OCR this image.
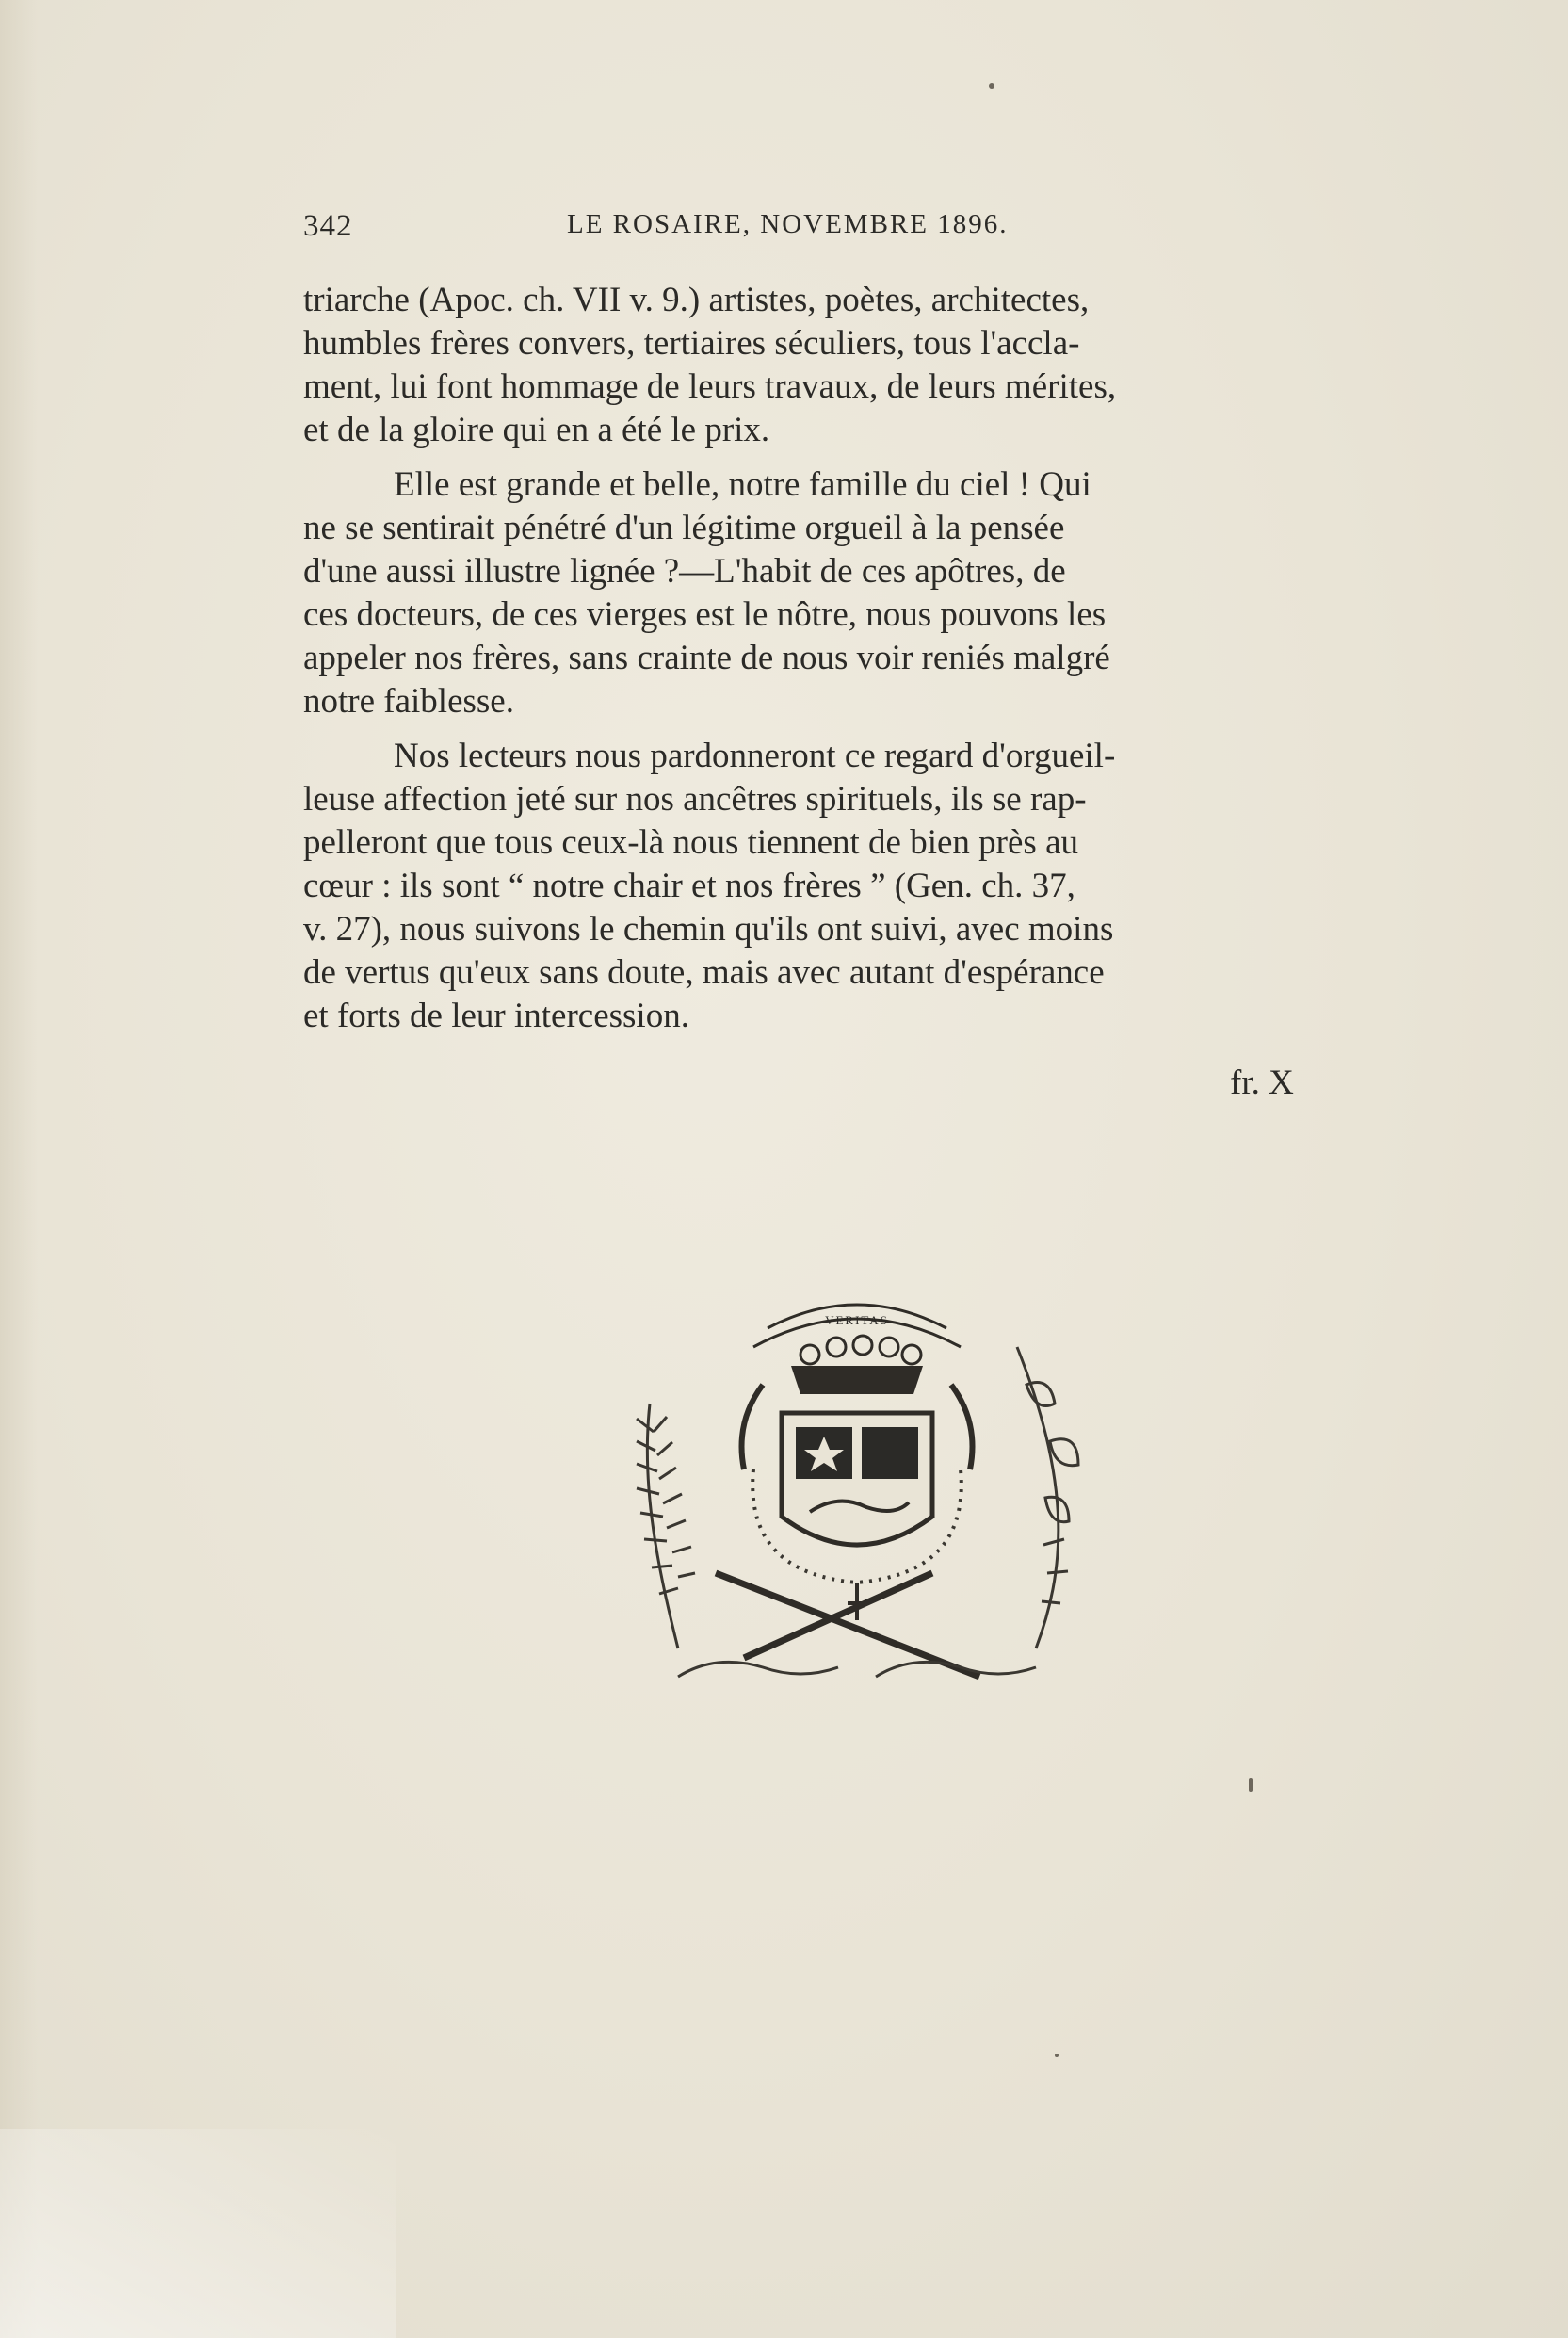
342	LE ROSAIRE, NOVEMBRE 1896.

triarche (Apoc. ch. VII v. 9.) artistes, poètes, architectes,
humbles frères convers, tertiaires séculiers, tous l'accla-
ment, lui font hommage de leurs travaux, de leurs mérites,
et de la gloire qui en a été le prix.

Elle est grande et belle, notre famille du ciel ! Qui
ne se sentirait pénétré d'un légitime orgueil à la pensée
d'une aussi illustre lignée ?—L'habit de ces apôtres, de
ces docteurs, de ces vierges est le nôtre, nous pouvons les
appeler nos frères, sans crainte de nous voir reniés malgré
notre faiblesse.

Nos lecteurs nous pardonneront ce regard d'orgueil-
leuse affection jeté sur nos ancêtres spirituels, ils se rap-
pelleront que tous ceux-là nous tiennent de bien près au
cœur : ils sont “ notre chair et nos frères ” (Gen. ch. 37,
v. 27), nous suivons le chemin qu'ils ont suivi, avec moins
de vertus qu'eux sans doute, mais avec autant d'espérance
et forts de leur intercession.

fr. X
VERITAS
